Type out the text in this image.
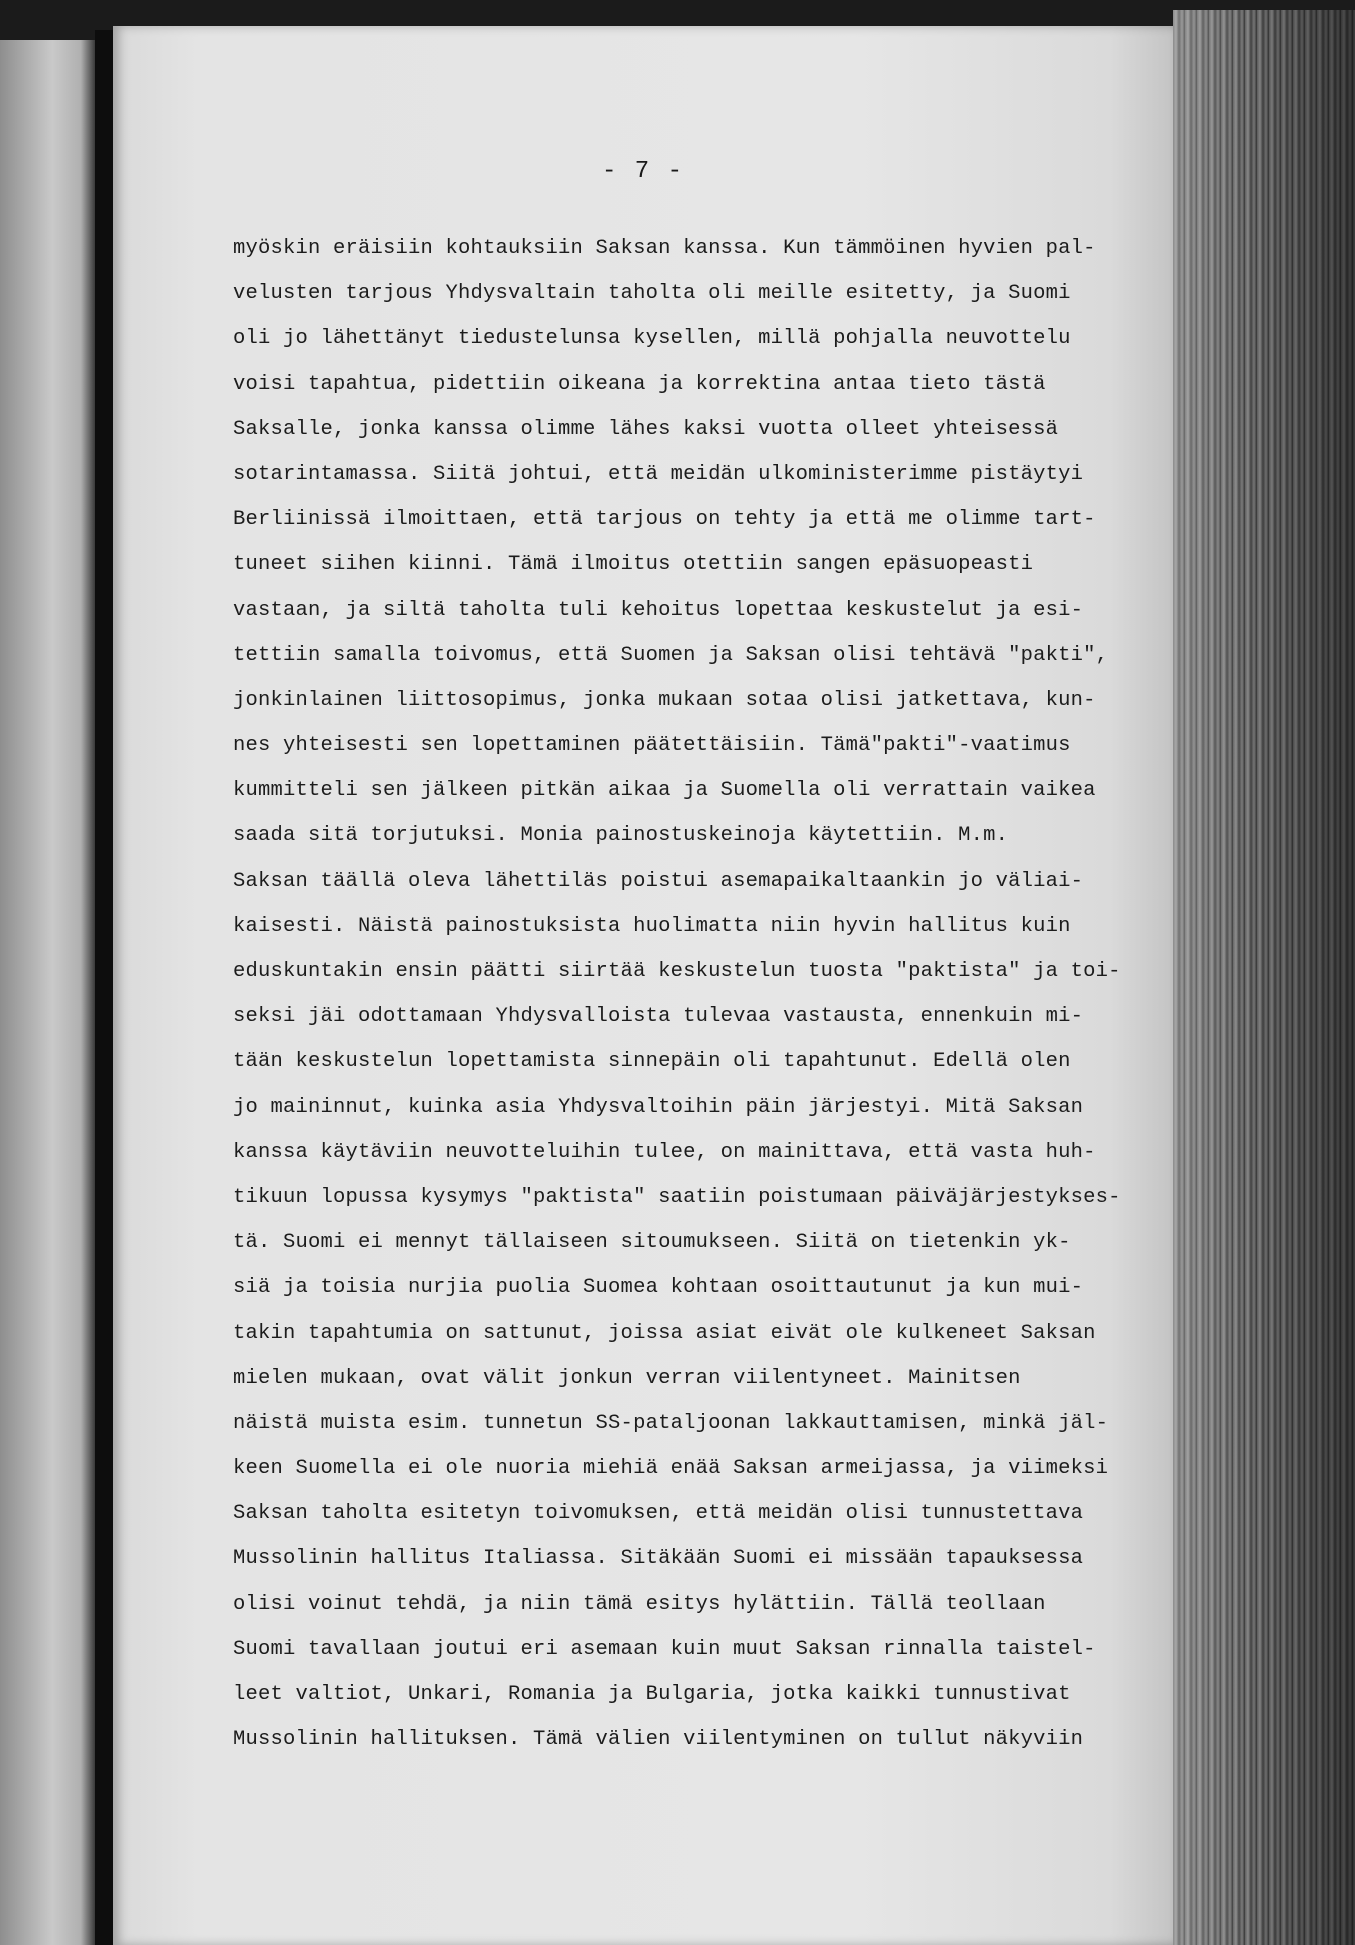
- 7 -
myöskin eräisiin kohtauksiin Saksan kanssa. Kun tämmöinen hyvien pal-
velusten tarjous Yhdysvaltain taholta oli meille esitetty, ja Suomi
oli jo lähettänyt tiedustelunsa kysellen, millä pohjalla neuvottelu
voisi tapahtua, pidettiin oikeana ja korrektina antaa tieto tästä
Saksalle, jonka kanssa olimme lähes kaksi vuotta olleet yhteisessä
sotarintamassa. Siitä johtui, että meidän ulkoministerimme pistäytyi
Berliinissä ilmoittaen, että tarjous on tehty ja että me olimme tart-
tuneet siihen kiinni. Tämä ilmoitus otettiin sangen epäsuopeasti
vastaan, ja siltä taholta tuli kehoitus lopettaa keskustelut ja esi-
tettiin samalla toivomus, että Suomen ja Saksan olisi tehtävä "pakti",
jonkinlainen liittosopimus, jonka mukaan sotaa olisi jatkettava, kun-
nes yhteisesti sen lopettaminen päätettäisiin. Tämä"pakti"-vaatimus
kummitteli sen jälkeen pitkän aikaa ja Suomella oli verrattain vaikea
saada sitä torjutuksi. Monia painostuskeinoja käytettiin. M.m.
Saksan täällä oleva lähettiläs poistui asemapaikaltaankin jo väliai-
kaisesti. Näistä painostuksista huolimatta niin hyvin hallitus kuin
eduskuntakin ensin päätti siirtää keskustelun tuosta "paktista" ja toi-
seksi jäi odottamaan Yhdysvalloista tulevaa vastausta, ennenkuin mi-
tään keskustelun lopettamista sinnepäin oli tapahtunut. Edellä olen
jo maininnut, kuinka asia Yhdysvaltoihin päin järjestyi. Mitä Saksan
kanssa käytäviin neuvotteluihin tulee, on mainittava, että vasta huh-
tikuun lopussa kysymys "paktista" saatiin poistumaan päiväjärjestykses-
tä. Suomi ei mennyt tällaiseen sitoumukseen. Siitä on tietenkin yk-
siä ja toisia nurjia puolia Suomea kohtaan osoittautunut ja kun mui-
takin tapahtumia on sattunut, joissa asiat eivät ole kulkeneet Saksan
mielen mukaan, ovat välit jonkun verran viilentyneet. Mainitsen
näistä muista esim. tunnetun SS-pataljoonan lakkauttamisen, minkä jäl-
keen Suomella ei ole nuoria miehiä enää Saksan armeijassa, ja viimeksi
Saksan taholta esitetyn toivomuksen, että meidän olisi tunnustettava
Mussolinin hallitus Italiassa. Sitäkään Suomi ei missään tapauksessa
olisi voinut tehdä, ja niin tämä esitys hylättiin. Tällä teollaan
Suomi tavallaan joutui eri asemaan kuin muut Saksan rinnalla taistel-
leet valtiot, Unkari, Romania ja Bulgaria, jotka kaikki tunnustivat
Mussolinin hallituksen. Tämä välien viilentyminen on tullut näkyviin
